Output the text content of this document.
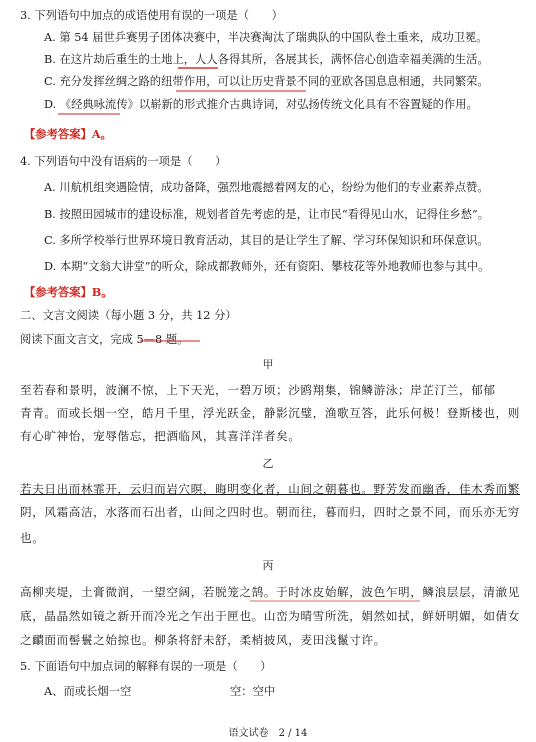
3. 下列语句中加点的成语使用有误的一项是（　　）
A. 第 54 届世乒赛男子团体决赛中，半决赛淘汰了瑞典队的中国队卷土重来，成功卫冕。
B. 在这片劫后重生的土地上，人人各得其所，各展其长，满怀信心创造幸福美满的生活。
C. 充分发挥丝绸之路的纽带作用，可以让历史背景不同的亚欧各国息息相通，共同繁荣。
D. 《经典咏流传》以崭新的形式推介古典诗词，对弘扬传统文化具有不容置疑的作用。
【参考答案】A。
4. 下列语句中没有语病的一项是（　　）
A. 川航机组突遇险情，成功备降，强烈地震撼着网友的心，纷纷为他们的专业素养点赞。
B. 按照田园城市的建设标准，规划者首先考虑的是，让市民“看得见山水，记得住乡愁”。
C. 多所学校举行世界环境日教育活动，其目的是让学生了解、学习环保知识和环保意识。
D. 本期“文翁大讲堂”的听众，除成都教师外，还有资阳、攀枝花等外地教师也参与其中。
【参考答案】B。
二、文言文阅读（每小题 3 分，共 12 分）
阅读下面文言文，完成 5—8 题。
甲
至若春和景明，波澜不惊，上下天光，一碧万顷；沙鸥翔集，锦鳞游泳；岸芷汀兰，郁郁
青青。而或长烟一空，皓月千里，浮光跃金，静影沉璧，渔歌互答，此乐何极！登斯楼也，则
有心旷神怡，宠辱偕忘，把酒临风，其喜洋洋者矣。
乙
若夫日出而林霏开，云归而岩穴暝，晦明变化者，山间之朝暮也。野芳发而幽香，佳木秀而繁
阴，风霜高洁，水落而石出者，山间之四时也。朝而往，暮而归，四时之景不同，而乐亦无穷
也。
丙
高柳夹堤，土膏微润，一望空阔，若脱笼之鹄。于时冰皮始解，波色乍明，鳞浪层层，清澈见
底，晶晶然如镜之新开而冷光之乍出于匣也。山峦为晴雪所洗，娟然如拭，鲜妍明媚，如倩女
之靧面而髻鬟之始掠也。柳条将舒未舒，柔梢披风，麦田浅鬣寸许。
5. 下面语句中加点词的解释有误的一项是（　　）
A、而或长烟一空	空：空中
语文试卷　2 / 14
